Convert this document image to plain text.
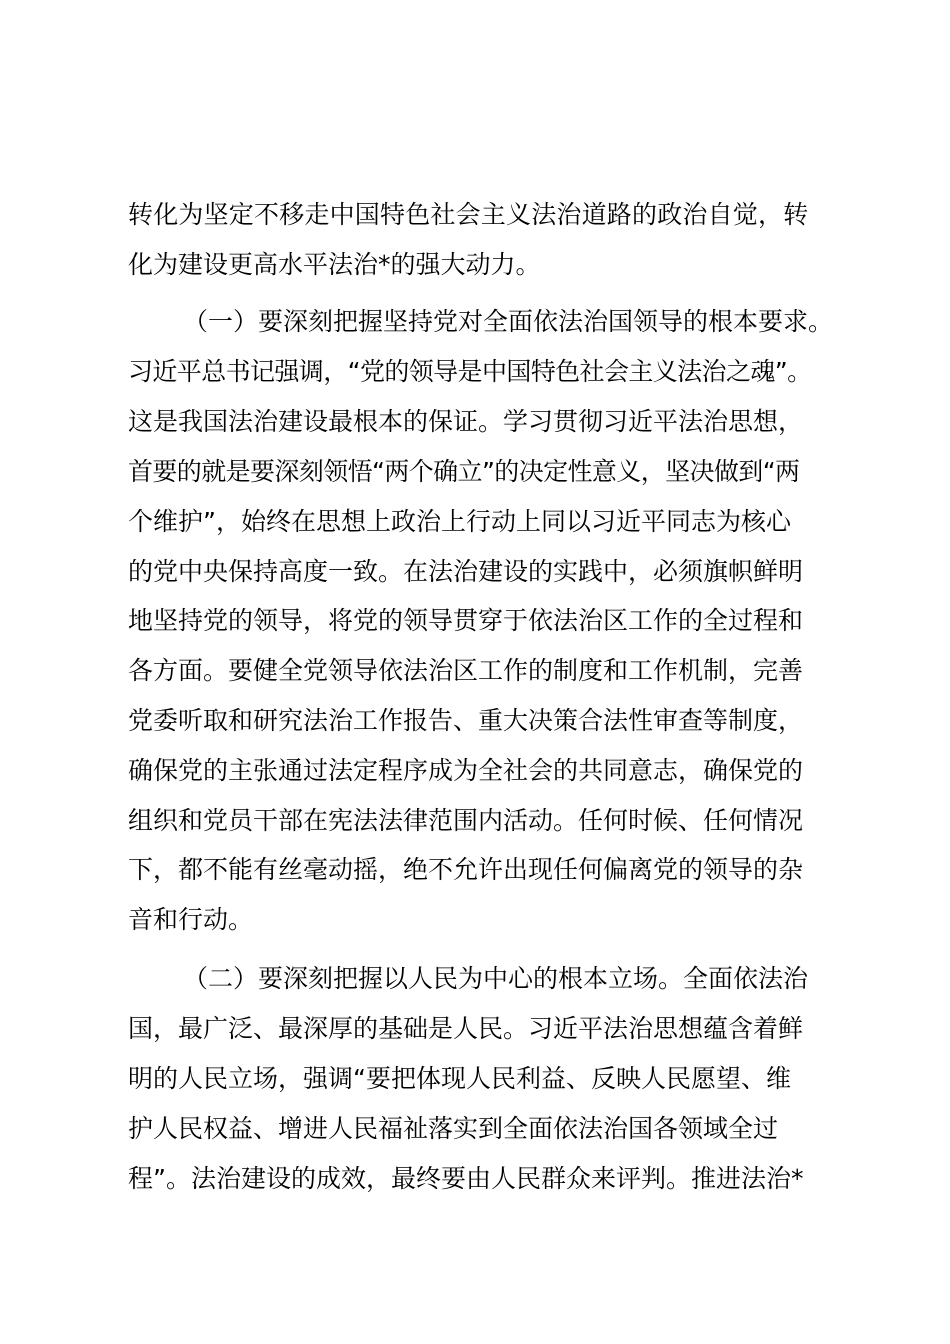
转化为坚定不移走中国特色社会主义法治道路的政治自觉，转

化为建设更高水平法治*的强大动力。

（一）要深刻把握坚持党对全面依法治国领导的根本要求。

习近平总书记强调，“党的领导是中国特色社会主义法治之魂”。

这是我国法治建设最根本的保证。学习贯彻习近平法治思想，

首要的就是要深刻领悟“两个确立”的决定性意义，坚决做到“两

个维护”，始终在思想上政治上行动上同以习近平同志为核心

的党中央保持高度一致。在法治建设的实践中，必须旗帜鲜明

地坚持党的领导，将党的领导贯穿于依法治区工作的全过程和

各方面。要健全党领导依法治区工作的制度和工作机制，完善

党委听取和研究法治工作报告、重大决策合法性审查等制度，

确保党的主张通过法定程序成为全社会的共同意志，确保党的

组织和党员干部在宪法法律范围内活动。任何时候、任何情况

下，都不能有丝毫动摇，绝不允许出现任何偏离党的领导的杂

音和行动。

（二）要深刻把握以人民为中心的根本立场。全面依法治

国，最广泛、最深厚的基础是人民。习近平法治思想蕴含着鲜

明的人民立场，强调“要把体现人民利益、反映人民愿望、维

护人民权益、增进人民福祉落实到全面依法治国各领域全过

程”。法治建设的成效，最终要由人民群众来评判。推进法治*
